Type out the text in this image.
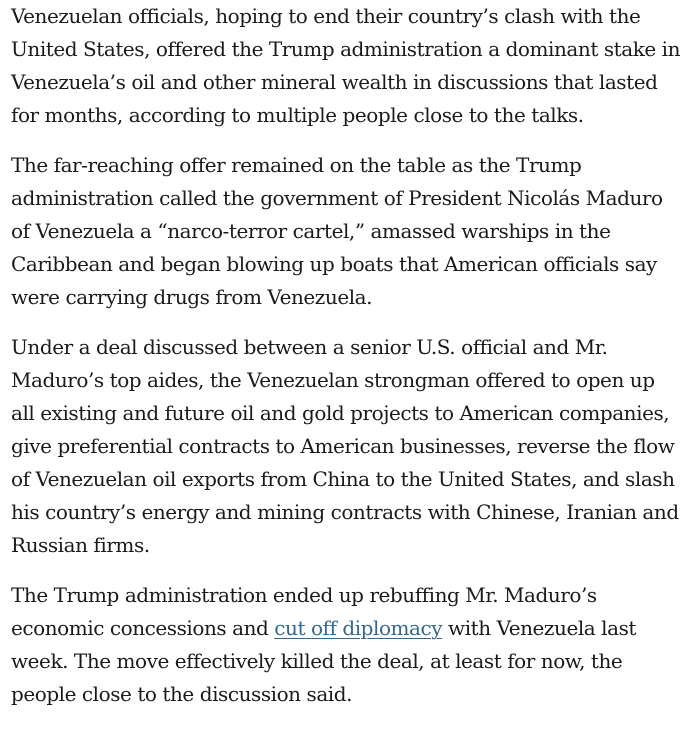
Venezuelan officials, hoping to end their country’s clash with the United States, offered the Trump administration a dominant stake in Venezuela’s oil and other mineral wealth in discussions that lasted for months, according to multiple people close to the talks.

The far-reaching offer remained on the table as the Trump administration called the government of President Nicolás Maduro of Venezuela a “narco-terror cartel,” amassed warships in the Caribbean and began blowing up boats that American officials say were carrying drugs from Venezuela.

Under a deal discussed between a senior U.S. official and Mr. Maduro’s top aides, the Venezuelan strongman offered to open up all existing and future oil and gold projects to American companies, give preferential contracts to American businesses, reverse the flow of Venezuelan oil exports from China to the United States, and slash his country’s energy and mining contracts with Chinese, Iranian and Russian firms.

The Trump administration ended up rebuffing Mr. Maduro’s economic concessions and cut off diplomacy with Venezuela last week. The move effectively killed the deal, at least for now, the people close to the discussion said.
